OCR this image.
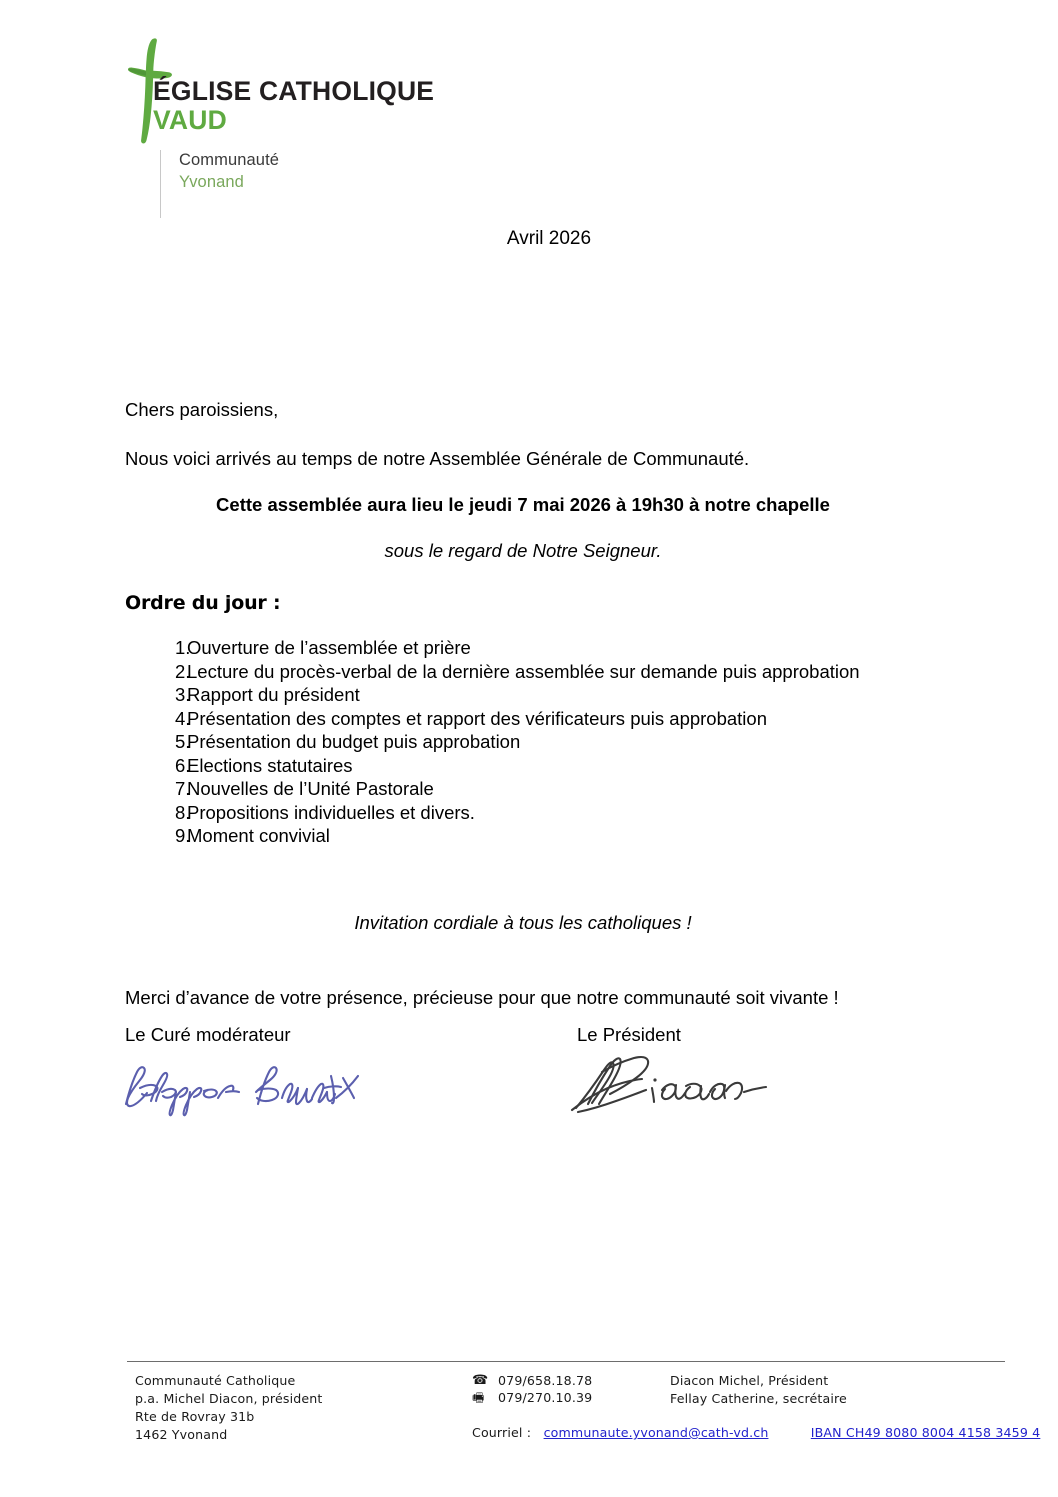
ÉGLISE CATHOLIQUE
VAUD
Communauté
Yvonand
Avril 2026

Chers paroissiens,

Nous voici arrivés au temps de notre Assemblée Générale de Communauté.

Cette assemblée aura lieu le jeudi 7 mai 2026 à 19h30 à notre chapelle

sous le regard de Notre Seigneur.

Ordre du jour :
1.
Ouverture de l’assemblée et prière
2.
Lecture du procès-verbal de la dernière assemblée sur demande puis approbation
3.
Rapport du président
4.
Présentation des comptes et rapport des vérificateurs puis approbation
5.
Présentation du budget puis approbation
6.
Elections statutaires
7.
Nouvelles de l’Unité Pastorale
8.
Propositions individuelles et divers.
9.
Moment convivial

Invitation cordiale à tous les catholiques !

Merci d’avance de votre présence, précieuse pour que notre communauté soit vivante !

Le Curé modérateur	Le Président
Communauté Catholique
p.a. Michel Diacon, président
Rte de Rovray 31b
1462 Yvonand
☎ 079/658.18.78
🖷	079/270.10.39
Diacon Michel, Président
Fellay Catherine, secrétaire
Courriel : communaute.yvonand@cath-vd.ch	IBAN CH49 8080 8004 4158 3459 4
